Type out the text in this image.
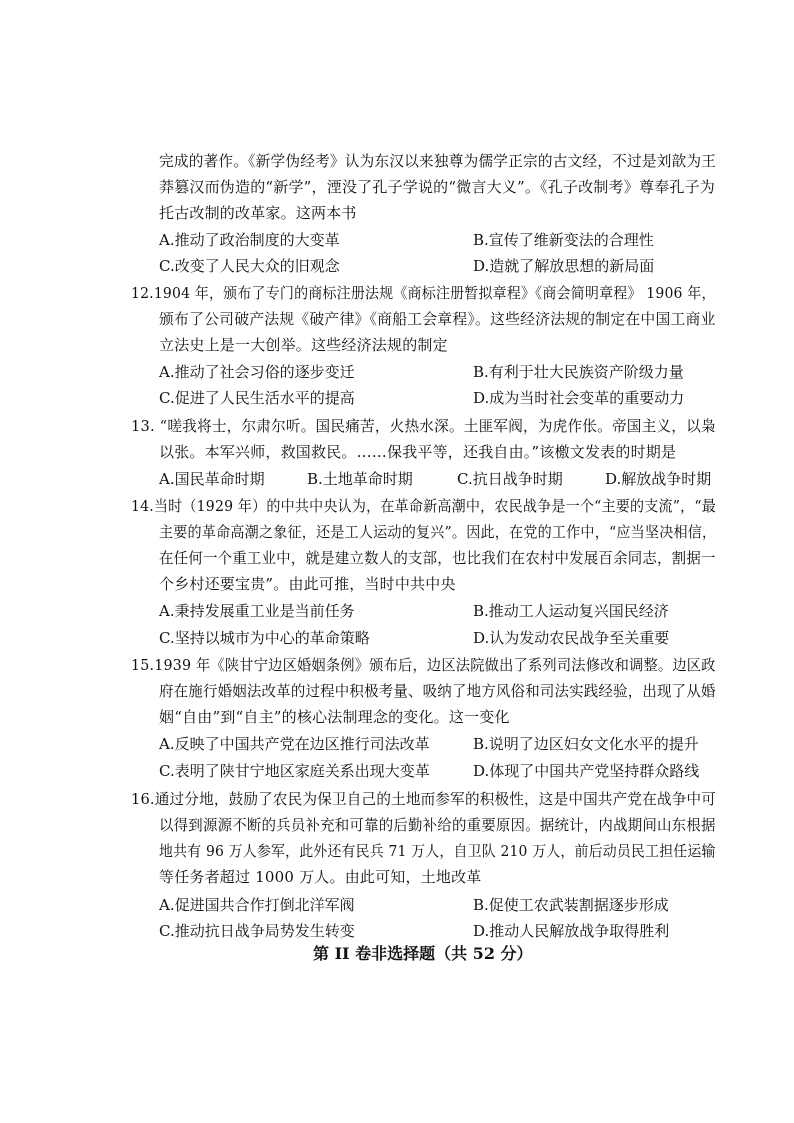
完成的著作。《新学伪经考》认为东汉以来独尊为儒学正宗的古文经，不过是刘歆为王
莽篡汉而伪造的“新学”，湮没了孔子学说的“微言大义”。《孔子改制考》尊奉孔子为
托古改制的改革家。这两本书
A.推动了政治制度的大变革	B.宣传了维新变法的合理性
C.改变了人民大众的旧观念	D.造就了解放思想的新局面
12.1904 年，颁布了专门的商标注册法规《商标注册暂拟章程》《商会简明章程》 1906 年，
颁布了公司破产法规《破产律》《商船工会章程》。这些经济法规的制定在中国工商业
立法史上是一大创举。这些经济法规的制定
A.推动了社会习俗的逐步变迁	B.有利于壮大民族资产阶级力量
C.促进了人民生活水平的提高	D.成为当时社会变革的重要动力
13. “嗟我将士，尔肃尔听。国民痛苦，火热水深。土匪军阀，为虎作伥。帝国主义，以枭
以张。本军兴师，救国救民。……保我平等，还我自由。”该檄文发表的时期是
A.国民革命时期	B.土地革命时期	C.抗日战争时期	D.解放战争时期
14.当时（1929 年）的中共中央认为，在革命新高潮中，农民战争是一个“主要的支流”，“最
主要的革命高潮之象征，还是工人运动的复兴”。因此，在党的工作中，“应当坚决相信，
在任何一个重工业中，就是建立数人的支部，也比我们在农村中发展百余同志，割据一
个乡村还要宝贵”。由此可推，当时中共中央
A.秉持发展重工业是当前任务	B.推动工人运动复兴国民经济
C.坚持以城市为中心的革命策略	D.认为发动农民战争至关重要
15.1939 年《陕甘宁边区婚姻条例》颁布后，边区法院做出了系列司法修改和调整。边区政
府在施行婚姻法改革的过程中积极考量、吸纳了地方风俗和司法实践经验，出现了从婚
姻“自由”到“自主”的核心法制理念的变化。这一变化
A.反映了中国共产党在边区推行司法改革	B.说明了边区妇女文化水平的提升
C.表明了陕甘宁地区家庭关系出现大变革	D.体现了中国共产党坚持群众路线
16.通过分地，鼓励了农民为保卫自己的土地而参军的积极性，这是中国共产党在战争中可
以得到源源不断的兵员补充和可靠的后勤补给的重要原因。据统计，内战期间山东根据
地共有 96 万人参军，此外还有民兵 71 万人，自卫队 210 万人，前后动员民工担任运输
等任务者超过 1000 万人。由此可知，土地改革
A.促进国共合作打倒北洋军阀	B.促使工农武装割据逐步形成
C.推动抗日战争局势发生转变	D.推动人民解放战争取得胜利
第 II 卷非选择题（共 52 分）
